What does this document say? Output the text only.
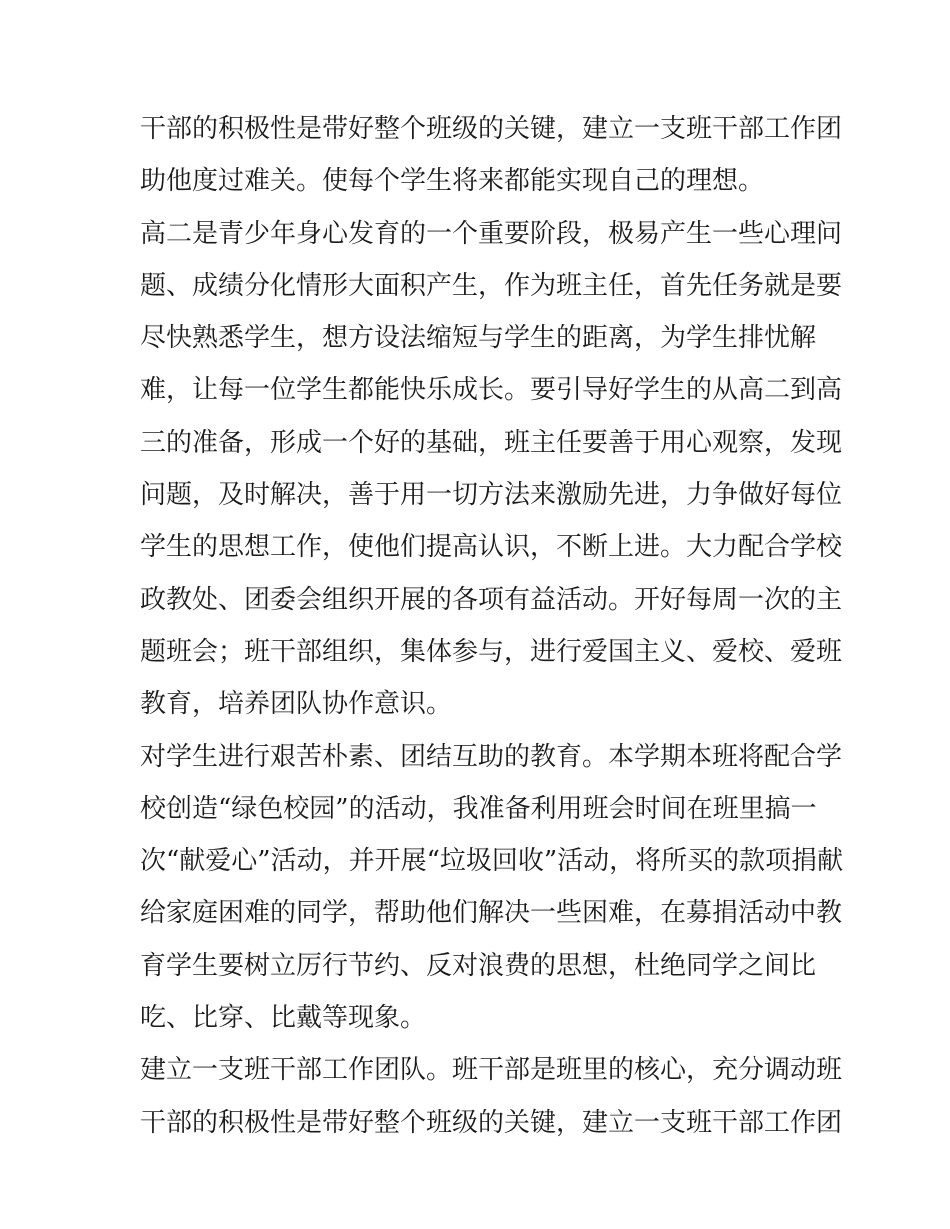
干部的积极性是带好整个班级的关键，建立一支班干部工作团
助他度过难关。使每个学生将来都能实现自己的理想。
高二是青少年身心发育的一个重要阶段，极易产生一些心理问
题、成绩分化情形大面积产生，作为班主任，首先任务就是要
尽快熟悉学生，想方设法缩短与学生的距离，为学生排忧解
难，让每一位学生都能快乐成长。要引导好学生的从高二到高
三的准备，形成一个好的基础，班主任要善于用心观察，发现
问题，及时解决，善于用一切方法来激励先进，力争做好每位
学生的思想工作，使他们提高认识，不断上进。大力配合学校
政教处、团委会组织开展的各项有益活动。开好每周一次的主
题班会；班干部组织，集体参与，进行爱国主义、爱校、爱班
教育，培养团队协作意识。
对学生进行艰苦朴素、团结互助的教育。本学期本班将配合学
校创造“绿色校园”的活动，我准备利用班会时间在班里搞一
次“献爱心”活动，并开展“垃圾回收”活动，将所买的款项捐献
给家庭困难的同学，帮助他们解决一些困难，在募捐活动中教
育学生要树立厉行节约、反对浪费的思想，杜绝同学之间比
吃、比穿、比戴等现象。
建立一支班干部工作团队。班干部是班里的核心，充分调动班
干部的积极性是带好整个班级的关键，建立一支班干部工作团
